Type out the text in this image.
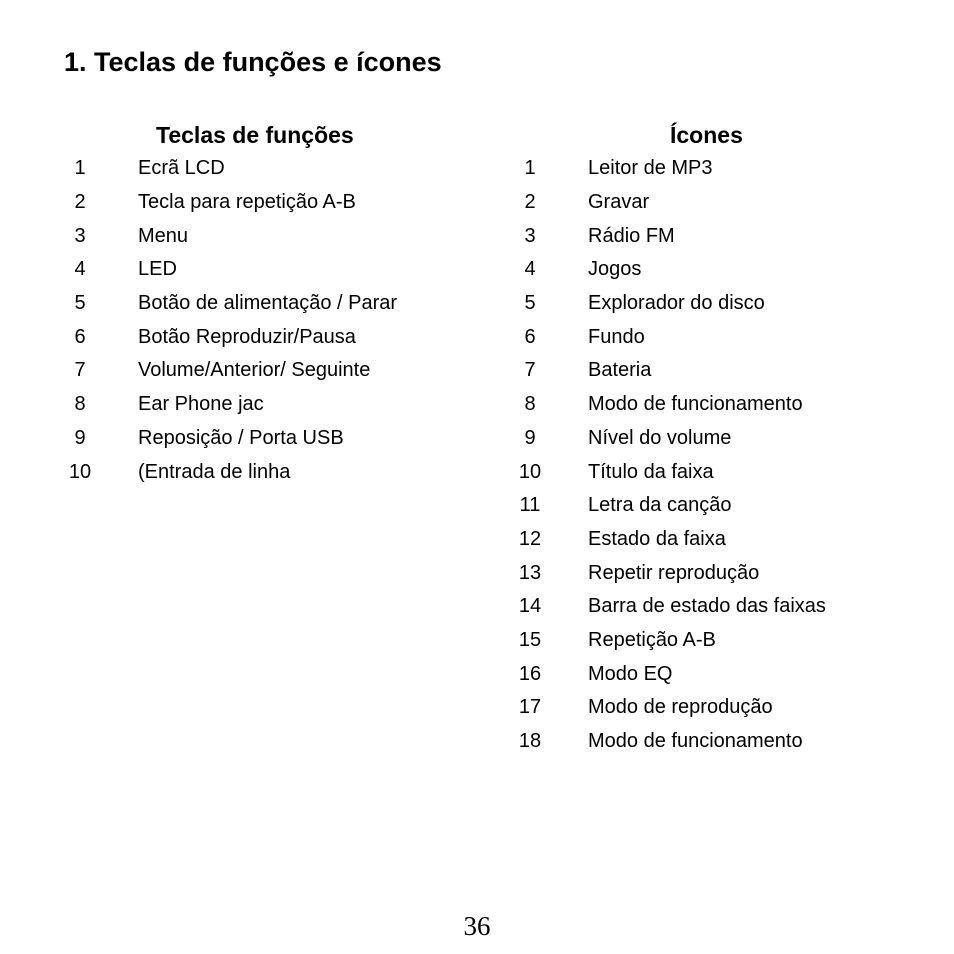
1. Teclas de funções e ícones
Teclas de funções
1	Ecrã LCD
2	Tecla para repetição A-B
3	Menu
4	LED
5	Botão de alimentação / Parar
6	Botão Reproduzir/Pausa
7	Volume/Anterior/ Seguinte
8	Ear Phone jac
9	Reposição / Porta USB
10	(Entrada de linha
Ícones
1	Leitor de MP3
2	Gravar
3	Rádio FM
4	Jogos
5	Explorador do disco
6	Fundo
7	Bateria
8	Modo de funcionamento
9	Nível do volume
10	Título da faixa
11	Letra da canção
12	Estado da faixa
13	Repetir reprodução
14	Barra de estado das faixas
15	Repetição A-B
16	Modo EQ
17	Modo de reprodução
18	Modo de funcionamento
36
